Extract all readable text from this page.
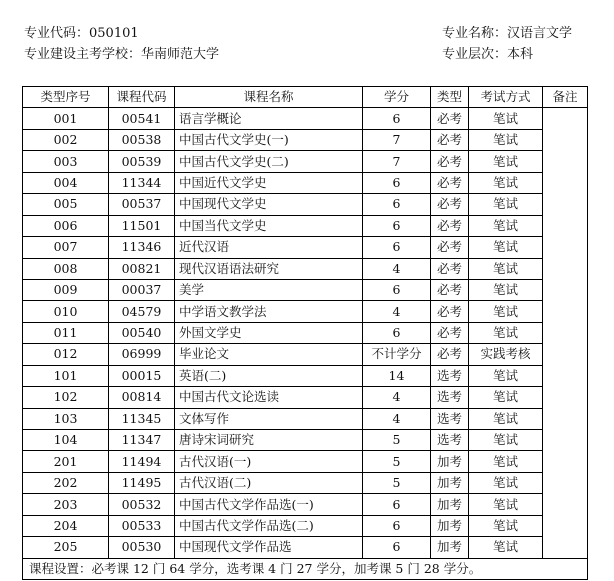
专业代码：050101
专业建设主考学校：华南师范大学
专业名称：汉语言文学
专业层次：本科
类型序号	课程代码	课程名称	学分	类型	考试方式	备注
001	00541	语言学概论	6	必考	笔试	
002	00538	中国古代文学史(一)	7	必考	笔试	
003	00539	中国古代文学史(二)	7	必考	笔试	
004	11344	中国近代文学史	6	必考	笔试	
005	00537	中国现代文学史	6	必考	笔试	
006	11501	中国当代文学史	6	必考	笔试	
007	11346	近代汉语	6	必考	笔试	
008	00821	现代汉语语法研究	4	必考	笔试	
009	00037	美学	6	必考	笔试	
010	04579	中学语文教学法	4	必考	笔试	
011	00540	外国文学史	6	必考	笔试	
012	06999	毕业论文	不计学分	必考	实践考核	
101	00015	英语(二)	14	选考	笔试	
102	00814	中国古代文论选读	4	选考	笔试	
103	11345	文体写作	4	选考	笔试	
104	11347	唐诗宋词研究	5	选考	笔试	
201	11494	古代汉语(一)	5	加考	笔试	
202	11495	古代汉语(二)	5	加考	笔试	
203	00532	中国古代文学作品选(一)	6	加考	笔试	
204	00533	中国古代文学作品选(二)	6	加考	笔试	
205	00530	中国现代文学作品选	6	加考	笔试	
课程设置：必考课 12 门 64 学分，选考课 4 门 27 学分，加考课 5 门 28 学分。						
